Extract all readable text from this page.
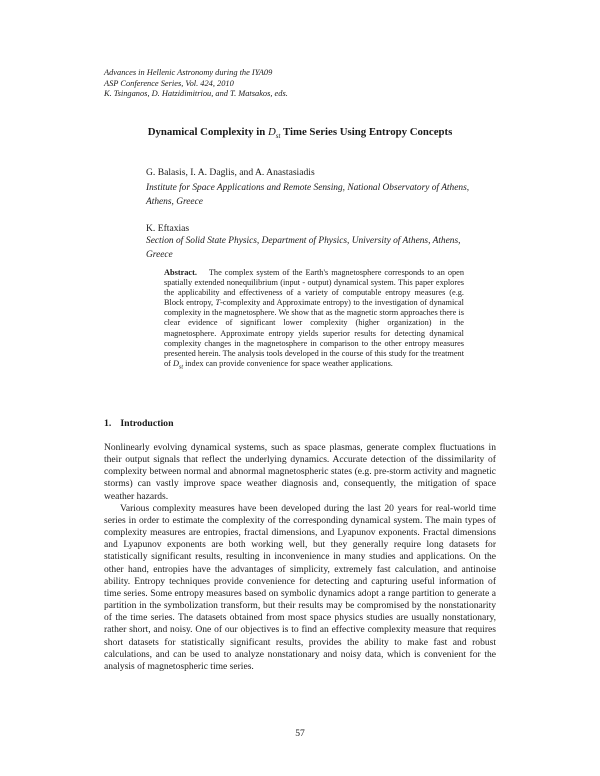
Advances in Hellenic Astronomy during the IYA09
ASP Conference Series, Vol. 424, 2010
K. Tsinganos, D. Hatzidimitriou, and T. Matsakos, eds.
Dynamical Complexity in $D_{st}$ Time Series Using Entropy Concepts
G. Balasis, I. A. Daglis, and A. Anastasiadis
Institute for Space Applications and Remote Sensing, National Observatory of Athens, Athens, Greece
K. Eftaxias
Section of Solid State Physics, Department of Physics, University of Athens, Athens, Greece
Abstract. The complex system of the Earth's magnetosphere corresponds to an open spatially extended nonequilibrium (input - output) dynamical system. This paper explores the applicability and effectiveness of a variety of computable entropy measures (e.g. Block entropy, T-complexity and Approximate entropy) to the investigation of dynamical complexity in the magnetosphere. We show that as the magnetic storm approaches there is clear evidence of significant lower complexity (higher organization) in the magnetosphere. Approximate entropy yields superior results for detecting dynamical complexity changes in the magnetosphere in comparison to the other entropy measures presented herein. The analysis tools developed in the course of this study for the treatment of $D_{st}$ index can provide convenience for space weather applications.
1. Introduction

Nonlinearly evolving dynamical systems, such as space plasmas, generate complex fluctuations in their output signals that reflect the underlying dynamics. Accurate detection of the dissimilarity of complexity between normal and abnormal magnetospheric states (e.g. pre-storm activity and magnetic storms) can vastly improve space weather diagnosis and, consequently, the mitigation of space weather hazards.

Various complexity measures have been developed during the last 20 years for real-world time series in order to estimate the complexity of the corresponding dynamical system. The main types of complexity measures are entropies, fractal dimensions, and Lyapunov exponents. Fractal dimensions and Lyapunov exponents are both working well, but they generally require long datasets for statistically significant results, resulting in inconvenience in many studies and applications. On the other hand, entropies have the advantages of simplicity, extremely fast calculation, and antinoise ability. Entropy techniques provide convenience for detecting and capturing useful information of time series. Some entropy measures based on symbolic dynamics adopt a range partition to generate a partition in the symbolization transform, but their results may be compromised by the nonstationarity of the time series. The datasets obtained from most space physics studies are usually nonstationary, rather short, and noisy. One of our objectives is to find an effective complexity measure that requires short datasets for statistically significant results, provides the ability to make fast and robust calculations, and can be used to analyze nonstationary and noisy data, which is convenient for the analysis of magnetospheric time series.

57
